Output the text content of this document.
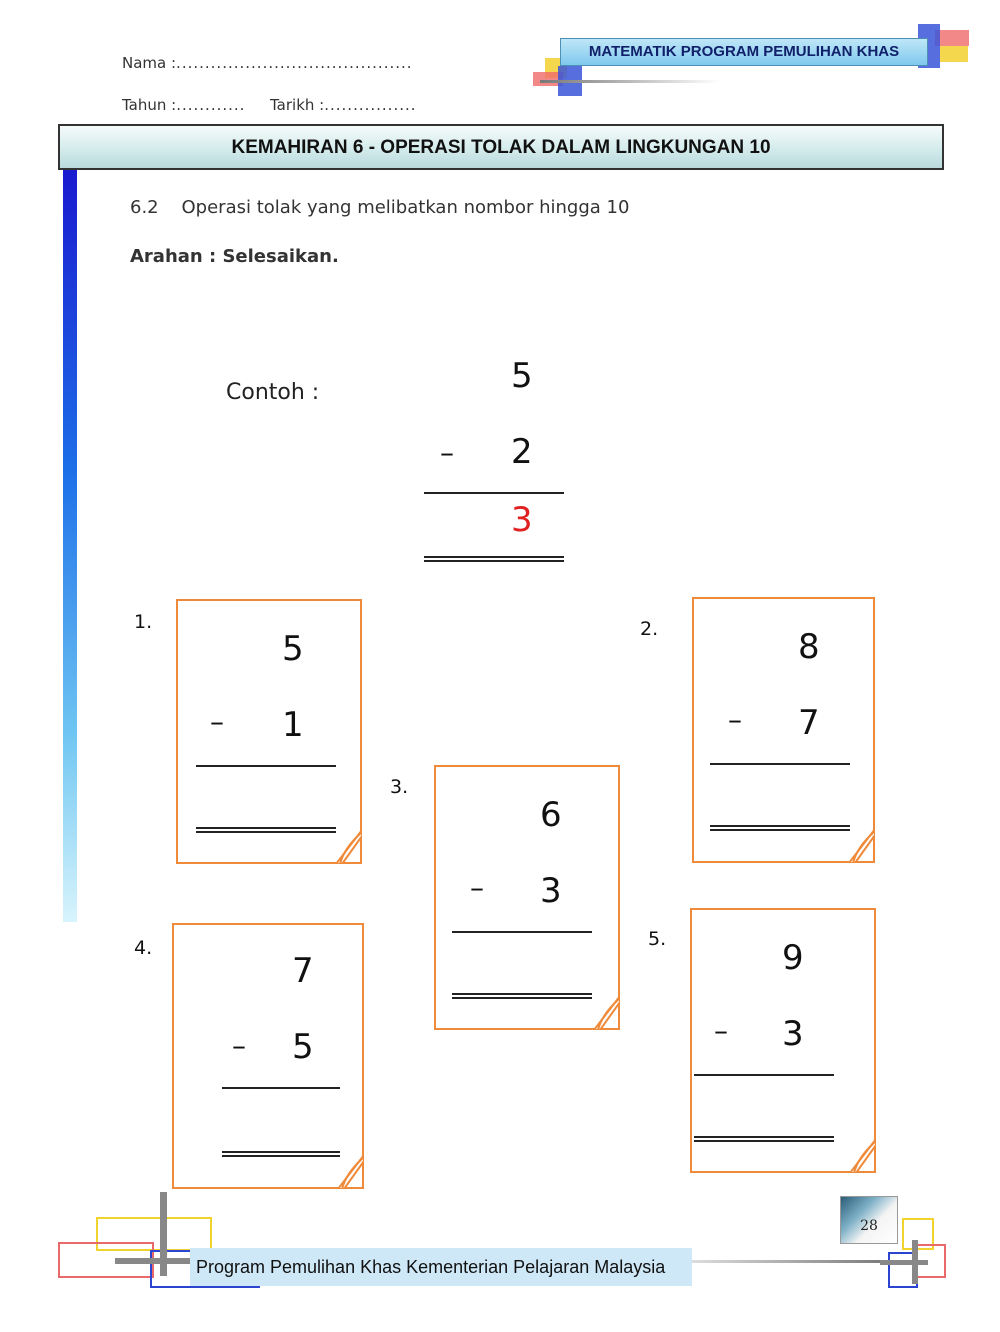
Nama :.........................................
Tahun :............ Tarikh :................
MATEMATIK PROGRAM PEMULIHAN KHAS
KEMAHIRAN 6 - OPERASI TOLAK DALAM LINGKUNGAN 10
6.2    Operasi tolak yang melibatkan nombor hingga 10
Arahan : Selesaikan.
Contoh :	5
– 2
3
1.
5
– 1
2.	8
– 7
3.
6
– 3
4.
7
– 5
5.	9
– 3
Program Pemulihan Khas Kementerian Pelajaran Malaysia
28
